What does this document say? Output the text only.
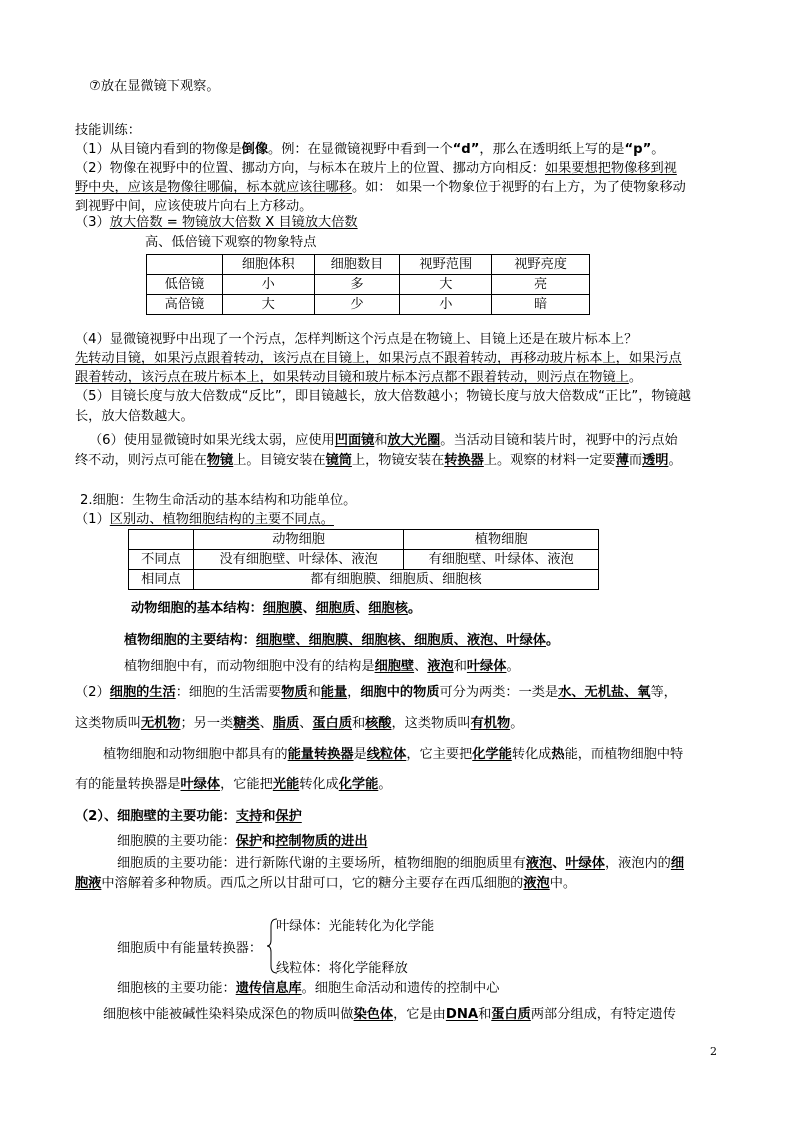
⑦放在显微镜下观察。
技能训练：
（1）从目镜内看到的物像是倒像。例：在显微镜视野中看到一个“d”，那么在透明纸上写的是“p”。
（2）物像在视野中的位置、挪动方向，与标本在玻片上的位置、挪动方向相反：如果要想把物像移到视
野中央，应该是物像往哪偏，标本就应该往哪移。如： 如果一个物象位于视野的右上方，为了使物象移动
到视野中间，应该使玻片向右上方移动。
（3）放大倍数 = 物镜放大倍数 X 目镜放大倍数
高、低倍镜下观察的物象特点
	细胞体积	细胞数目	视野范围	视野亮度
低倍镜	小	多	大	亮
高倍镜	大	少	小	暗
（4）显微镜视野中出现了一个污点，怎样判断这个污点是在物镜上、目镜上还是在玻片标本上？
先转动目镜，如果污点跟着转动，该污点在目镜上，如果污点不跟着转动，再移动玻片标本上，如果污点
跟着转动，该污点在玻片标本上，如果转动目镜和玻片标本污点都不跟着转动，则污点在物镜上。
（5）目镜长度与放大倍数成“反比”，即目镜越长，放大倍数越小；物镜长度与放大倍数成“正比”，物镜越
长，放大倍数越大。
（6）使用显微镜时如果光线太弱，应使用凹面镜和放大光圈。当活动目镜和装片时，视野中的污点始
终不动，则污点可能在物镜上。目镜安装在镜筒上，物镜安装在转换器上。观察的材料一定要薄而透明。
2.细胞：生物生命活动的基本结构和功能单位。
（1）区别动、植物细胞结构的主要不同点。
	动物细胞	植物细胞
不同点	没有细胞壁、叶绿体、液泡	有细胞壁、叶绿体、液泡
相同点	都有细胞膜、细胞质、细胞核	
动物细胞的基本结构：细胞膜、细胞质、细胞核。
植物细胞的主要结构：细胞壁、细胞膜、细胞核、细胞质、液泡、叶绿体。
植物细胞中有，而动物细胞中没有的结构是细胞壁、液泡和叶绿体。
（2）细胞的生活：细胞的生活需要物质和能量，细胞中的物质可分为两类：一类是水、无机盐、氧等，
这类物质叫无机物；另一类糖类、脂质、蛋白质和核酸，这类物质叫有机物。
植物细胞和动物细胞中都具有的能量转换器是线粒体，它主要把化学能转化成热能，而植物细胞中特
有的能量转换器是叶绿体，它能把光能转化成化学能。
（2）、细胞壁的主要功能：支持和保护
细胞膜的主要功能：保护和控制物质的进出
细胞质的主要功能：进行新陈代谢的主要场所，植物细胞的细胞质里有液泡、叶绿体，液泡内的细
胞液中溶解着多种物质。西瓜之所以甘甜可口，它的糖分主要存在西瓜细胞的液泡中。
叶绿体：光能转化为化学能
细胞质中有能量转换器：
线粒体：将化学能释放
细胞核的主要功能：遗传信息库。细胞生命活动和遗传的控制中心
细胞核中能被碱性染料染成深色的物质叫做染色体，它是由DNA和蛋白质两部分组成，有特定遗传
2
